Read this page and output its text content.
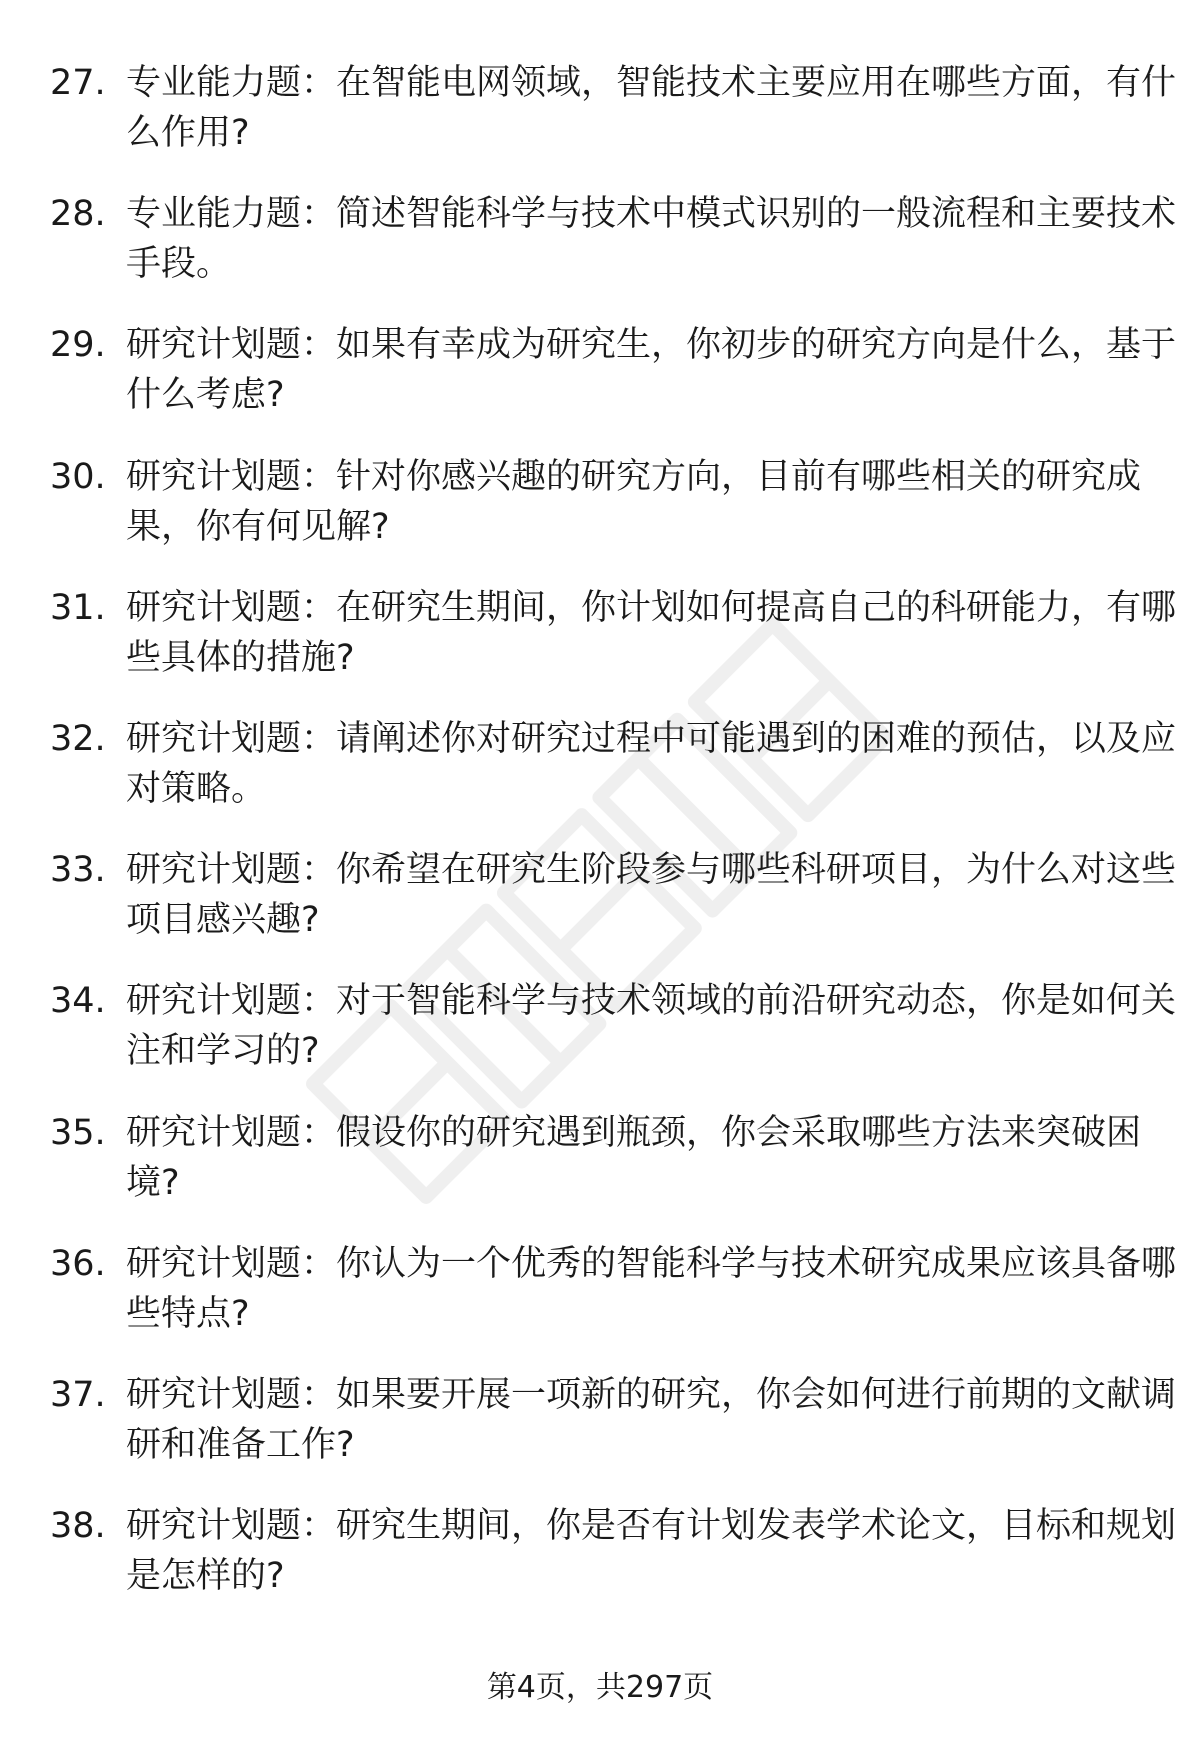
27. 专业能力题：在智能电网领域，智能技术主要应用在哪些方面，有什么作用?
28. 专业能力题：简述智能科学与技术中模式识别的一般流程和主要技术手段。
29. 研究计划题：如果有幸成为研究生，你初步的研究方向是什么，基于什么考虑?
30. 研究计划题：针对你感兴趣的研究方向，目前有哪些相关的研究成果，你有何见解?
31. 研究计划题：在研究生期间，你计划如何提高自己的科研能力，有哪些具体的措施?
32. 研究计划题：请阐述你对研究过程中可能遇到的困难的预估，以及应对策略。
33. 研究计划题：你希望在研究生阶段参与哪些科研项目，为什么对这些项目感兴趣?
34. 研究计划题：对于智能科学与技术领域的前沿研究动态，你是如何关注和学习的?
35. 研究计划题：假设你的研究遇到瓶颈，你会采取哪些方法来突破困境?
36. 研究计划题：你认为一个优秀的智能科学与技术研究成果应该具备哪些特点?
37. 研究计划题：如果要开展一项新的研究，你会如何进行前期的文献调研和准备工作?
38. 研究计划题：研究生期间，你是否有计划发表学术论文，目标和规划是怎样的?
第4页，共297页
